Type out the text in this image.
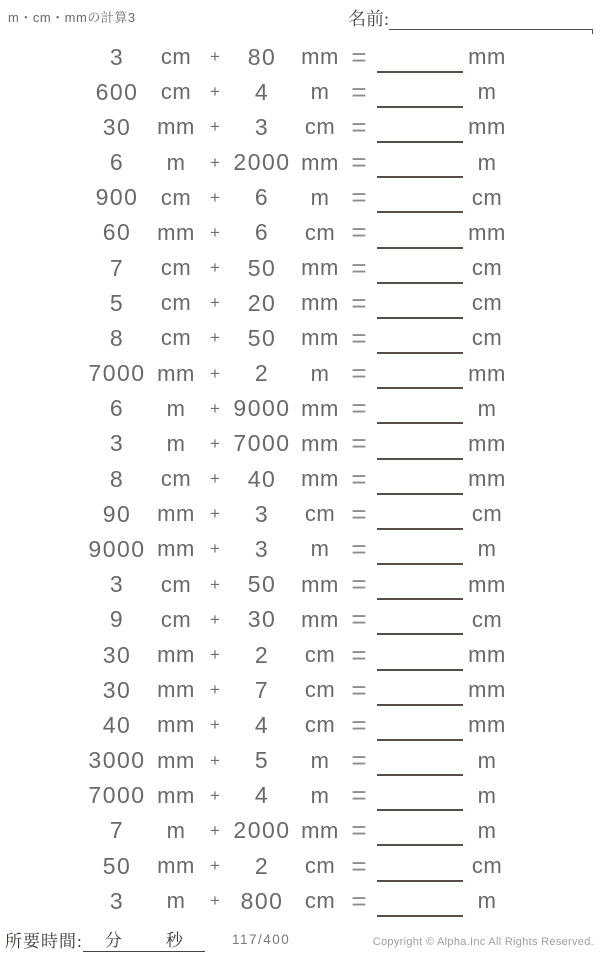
m・cm・mmの計算3	名前:
3	cm	+	80	mm =	mm
600	cm	+	4	m =	m
30	mm +	3	cm =	mm
6	m	+ 2000 mm =	m
900	cm	+	6	m =	cm
60	mm +	6	cm =	mm
7	cm	+	50	mm =	cm
5	cm	+	20	mm =	cm
8	cm	+	50	mm =	cm
7000 mm +	2	m =	mm
6	m	+ 9000 mm =	m
3	m	+ 7000 mm =	mm
8	cm	+	40	mm =	mm
90	mm +	3	cm =	cm
9000 mm +	3	m =	m
3	cm	+	50	mm =	mm
9	cm	+	30	mm =	cm
30	mm +	2	cm =	mm
30	mm +	7	cm =	mm
40	mm +	4	cm =	mm
3000 mm +	5	m =	m
7000 mm +	4	m =	m
7	m	+ 2000 mm =	m
50	mm +	2	cm =	cm
3	m	+ 800 cm =	m
所要時間: 分	秒	117/400	Copyright © Alpha.Inc All Rights Reserved.
